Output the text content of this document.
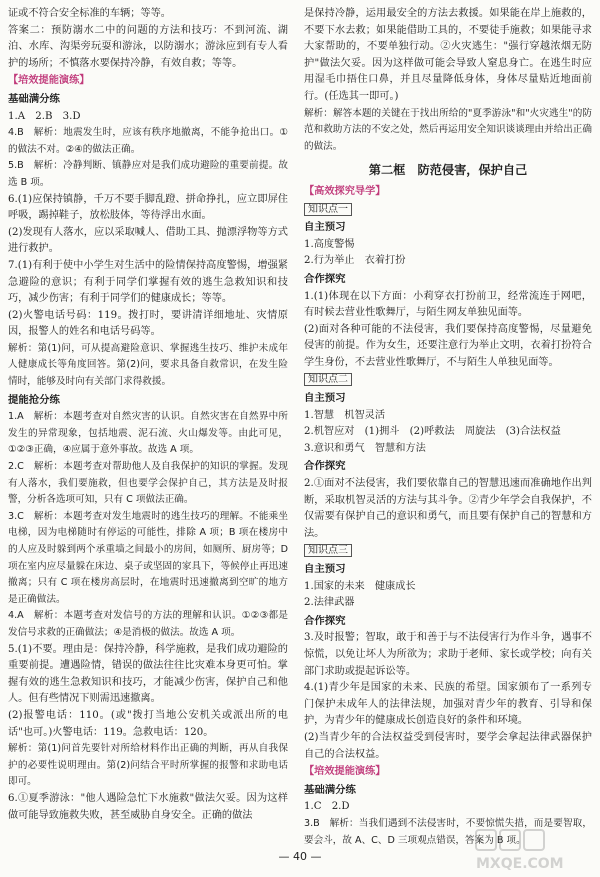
证或不符合安全标准的车辆；等等。
答案二：预防溺水二中的问题的方法和技巧：不到河流、湖泊、水库、沟渠旁玩耍和游泳，以防溺水；游泳应到有专人看护的场所；不慎落水要保持冷静，有效自救；等等。
【培效提能演练】
基础满分练
1.A　2.B　3.D
4.B　解析：地震发生时，应该有秩序地撤离，不能争抢出口。①的做法不对。②④的做法正确。
5.B　解析：冷静判断、镇静应对是我们成功避险的重要前提。故选 B 项。
6.(1)应保持镇静，千万不要手脚乱蹬、拼命挣扎，应立即屏住呼吸，踢掉鞋子，放松肢体，等待浮出水面。
(2)发现有人落水，应以采取喊人、借助工具、抛漂浮物等方式进行救护。
7.(1)有利于使中小学生对生活中的险情保持高度警惕，增强紧急避险的意识；有利于同学们掌握有效的逃生急救知识和技巧，减少伤害；有利于同学们的健康成长；等等。
(2)火警电话号码：119。拨打时，要讲清详细地址、灾情原因，报警人的姓名和电话号码等。
解析：第(1)问，可从提高避险意识、掌握逃生技巧、维护未成年人健康成长等角度回答。第(2)问，要求具备自救常识，在发生险情时，能够及时向有关部门求得救援。
提能抢分练
1.A　解析：本题考查对自然灾害的认识。自然灾害在自然界中所发生的异常现象，包括地震、泥石流、火山爆发等。由此可见，①②③正确，④应属于意外事故。故选 A 项。
2.C　解析：本题考查对帮助他人及自我保护的知识的掌握。发现有人落水，我们要施救，但也要学会保护自己，其方法是及时报警，分析各选项可知，只有 C 项做法正确。
3.C　解析：本题考查对发生地震时的逃生技巧的理解。不能乘坐电梯，因为电梯随时有停运的可能性，排除 A 项；B 项在楼房中的人应及时躲到两个承重墙之间最小的房间，如厕所、厨房等；D 项在室内应尽量躲在床边、桌子或坚固的家具下，等候停止再迅速撤离；只有 C 项在楼房高层时，在地震时迅速撤离到空旷的地方是正确做法。
4.A　解析：本题考查对发信号的方法的理解和认识。①②③都是发信号求救的正确做法；④是消极的做法。故选 A 项。
5.(1)不要。理由是：保持冷静，科学施救，是我们成功避险的重要前提。遭遇险情，错误的做法往往比灾难本身更可怕。掌握有效的逃生急救知识和技巧，才能减少伤害，保护自己和他人。但有些情况下则需迅速撤离。
(2)报警电话：110。(或"拨打当地公安机关或派出所的电话"也可。)火警电话：119。急救电话：120。
解析：第(1)问首先要针对所给材料作出正确的判断，再从自我保护的必要性说明理由。第(2)问结合平时所掌握的报警和求助电话即可。
6.①夏季游泳："他人遇险急忙下水施救"做法欠妥。因为这样做可能导致施救失败，甚至威胁自身安全。正确的做法
是保持冷静，运用最安全的方法去救援。如果能在岸上施救的，不要下水去救；如果能借助工具的，不要徒手施救；如果能寻求大家帮助的，不要单独行动。②火灾逃生："强行穿越浓烟无防护"做法欠妥。因为这样做可能会导致人窒息身亡。在逃生时应用湿毛巾捂住口鼻，并且尽量降低身体，身体尽量贴近地面前行。(任选其一即可。)
解析：解答本题的关键在于找出所给的"夏季游泳"和"火灾逃生"的防范和救助方法的不安之处，然后再运用安全知识谈谈理由并给出正确的做法。
第二框　防范侵害，保护自己
【高效探究导学】
知识点一
自主预习
1.高度警惕
2.行为举止　衣着打扮
合作探究
1.(1)体现在以下方面：小莉穿衣打扮前卫，经常流连于网吧，有时候去营业性歌舞厅，与陌生网友单独见面等。
(2)面对各种可能的不法侵害，我们要保持高度警惕，尽量避免侵害的前提。作为女生，还要注意行为举止文明，衣着打扮符合学生身份，不去营业性歌舞厅，不与陌生人单独见面等。
知识点二
自主预习
1.智慧　机智灵活
2.机智应对　(1)拥斗　(2)呼救法　周旋法　(3)合法权益
3.意识和勇气　智慧和方法
合作探究
2.①面对不法侵害，我们要依靠自己的智慧迅速而准确地作出判断，采取机智灵活的方法与其斗争。②青少年学会自我保护，不仅需要有保护自己的意识和勇气，而且要有保护自己的智慧和方法。
知识点三
自主预习
1.国家的未来　健康成长
2.法律武器
合作探究
3.及时报警；智取，敢于和善于与不法侵害行为作斗争，遇事不惊慌，以免让坏人为所欲为；求助于老师、家长或学校；向有关部门求助或提起诉讼等。
4.(1)青少年是国家的未来、民族的希望。国家颁布了一系列专门保护未成年人的法律法规，加强对青少年的教育、引导和保护，为青少年的健康成长创造良好的条件和环境。
(2)当青少年的合法权益受到侵害时，要学会拿起法律武器保护自己的合法权益。
【培效提能演练】
基础满分练
1.C　2.D
3.B　解析：当我们遇到不法侵害时，不要惊慌失措，而是要智取，要会斗，故 A、C、D 三项观点错误，答案为 B 项。
— 40 —	MXQE.COM
